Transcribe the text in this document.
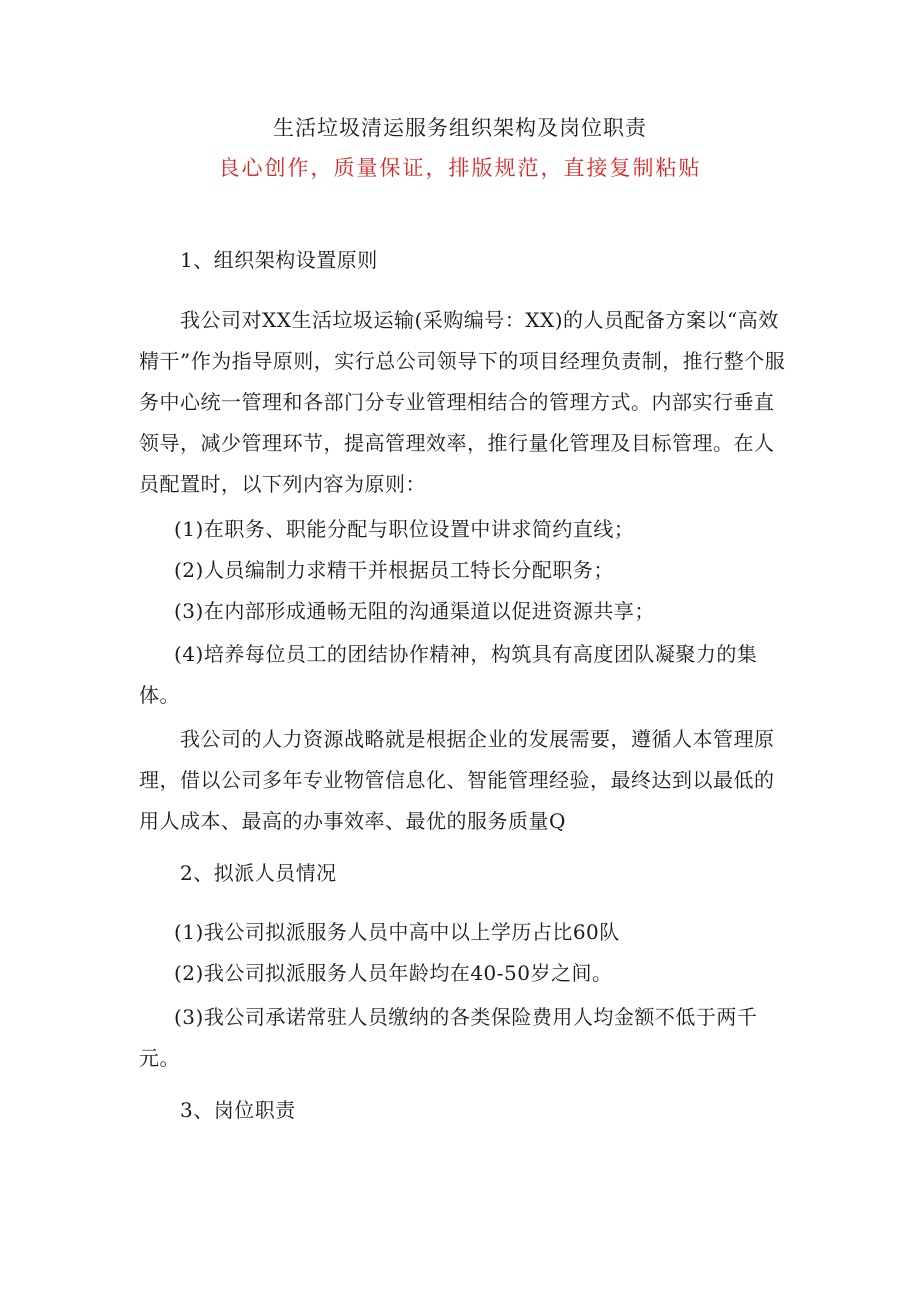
生活垃圾清运服务组织架构及岗位职责
良心创作，质量保证，排版规范，直接复制粘贴
1、组织架构设置原则

我公司对XX生活垃圾运输(采购编号：XX)的人员配备方案以“高效精干”作为指导原则，实行总公司领导下的项目经理负责制，推行整个服务中心统一管理和各部门分专业管理相结合的管理方式。内部实行垂直领导，减少管理环节，提高管理效率，推行量化管理及目标管理。在人员配置时，以下列内容为原则：

(1)在职务、职能分配与职位设置中讲求简约直线；

(2)人员编制力求精干并根据员工特长分配职务；

(3)在内部形成通畅无阻的沟通渠道以促进资源共享；

(4)培养每位员工的团结协作精神，构筑具有高度团队凝聚力的集体。

我公司的人力资源战略就是根据企业的发展需要，遵循人本管理原理，借以公司多年专业物管信息化、智能管理经验，最终达到以最低的用人成本、最高的办事效率、最优的服务质量Q

2、拟派人员情况

(1)我公司拟派服务人员中高中以上学历占比60队

(2)我公司拟派服务人员年龄均在40-50岁之间。

(3)我公司承诺常驻人员缴纳的各类保险费用人均金额不低于两千元。

3、岗位职责
